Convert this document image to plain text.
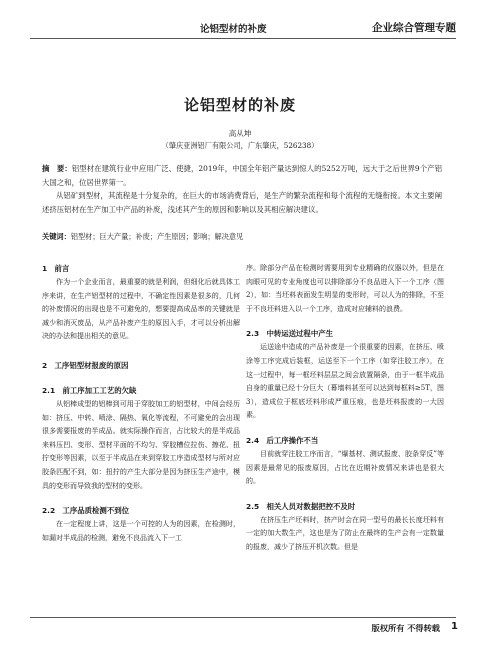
论铝型材的补废	企业综合管理专题
论铝型材的补废
高从坤
（肇庆亚洲铝厂有限公司，广东肇庆，526238）

摘　要：铝型材在建筑行业中应用广泛、使捷，2019年，中国全年铝产量达到惊人的5252万吨，远大于之后世界9个产铝大国之和，位居世界第一。

从铝矿到型材，其流程是十分复杂的，在巨大的市场消费背后，是生产的繁杂流程和每个流程的无缝衔接。本文主要阐述挤压铝材在生产加工中产品的补废，浅述其产生的原因和影响以及其相应解决建议。

关键词：铝型材；巨大产量；补废；产生原因；影响；解决意见

1　前言

作为一个企业而言，最重要的就是利润，但细化后就具体工序来讲，在生产铝型材的过程中，不确定性因素是很多的，几何的补废情况的出现也是不可避免的，想要提高成品率的关键就是减少和消灭废品，从产品补废产生的原因入手，才可以分析出解决的办法和提出相关的意见。

2　工序铝型材报废的原因

2.1　前工序加工工艺的欠缺

从铝棒成型的铝棒到可用于穿胶加工的铝型材，中间会经历如：挤压、中转、喷涂、隔热、氧化等流程，不可避免的会出现很多需要报废的半成品。就实际操作而言，占比较大的是半成品来料压凹、变形、型材平面的不均匀、穿胶槽位拉伤、擦花、扭拧变形等因素，以至于半成品在来到穿胶工序造成型材与所对应胶条匹配不到，如：扭拧的产生大部分是因为挤压生产途中，模具的变形而导致我的型材的变形。

2.2　工序品质检测不到位

在一定程度上讲，这是一个可控的人为的因素，在检测时，如漏对半成品的检测，避免不良品流入下一工

序。除部分产品在检测时需要用到专业精确的仪器以外，但是在肉眼可见的专业角度也可以排除部分不良品进入下一个工序（图2），如：当坯料表面发生明显的变形时，可以人为的排除，不至于不良坯料进入以一个工序，造成对应辅料的浪费。

2.3　中转运送过程中产生

运送途中造成的产品补废是一个很重要的因素，在挤压、喷涂等工序完成后装框，运送至下一个工序（如穿注胶工序），在这一过程中，每一框坯料层层之间会放置隔条，由于一框半成品自身的重量已经十分巨大（幕墙料甚至可以达到每框料≥5T，图3），造成位于框底坯料形成严重压痕，也是坯料报废的一大因素。

2.4　后工序操作不当

目前就穿注胶工序而言，“爆基材、测试报废、胶条穿反”等因素是最常见的报废原因，占比在近期补废情况来讲也是很大的。

2.5　相关人员对数据把控不及时

在挤压生产坯料时，挤产时会在同一型号的最长长度坯料有一定的加大数生产，这也是为了防止在最终的生产会有一定数量的报废，减少了挤压开机次数。但是

版权所有 不得转载 1
